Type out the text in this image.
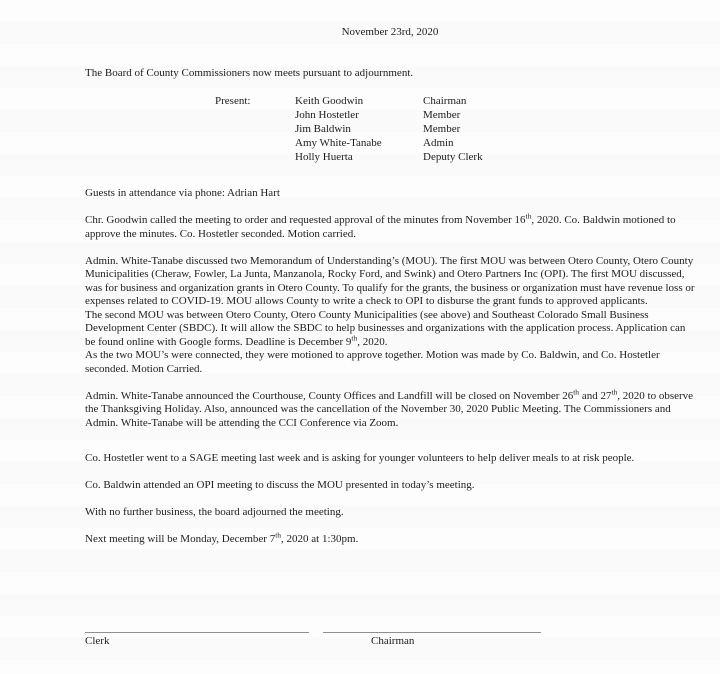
November 23rd, 2020
The Board of County Commissioners now meets pursuant to adjournment.
Present:	Keith Goodwin	Chairman
John Hostetler	Member
Jim Baldwin	Member
Amy White-Tanabe	Admin
Holly Huerta	Deputy Clerk
Guests in attendance via phone: Adrian Hart
Chr. Goodwin called the meeting to order and requested approval of the minutes from November 16th, 2020. Co. Baldwin motioned to approve the minutes. Co. Hostetler seconded. Motion carried.
Admin. White-Tanabe discussed two Memorandum of Understanding’s (MOU). The first MOU was between Otero County, Otero County Municipalities (Cheraw, Fowler, La Junta, Manzanola, Rocky Ford, and Swink) and Otero Partners Inc (OPI). The first MOU discussed, was for business and organization grants in Otero County. To qualify for the grants, the business or organization must have revenue loss or expenses related to COVID-19. MOU allows County to write a check to OPI to disburse the grant funds to approved applicants.
The second MOU was between Otero County, Otero County Municipalities (see above) and Southeast Colorado Small Business Development Center (SBDC). It will allow the SBDC to help businesses and organizations with the application process. Application can be found online with Google forms. Deadline is December 9th, 2020.
As the two MOU’s were connected, they were motioned to approve together. Motion was made by Co. Baldwin, and Co. Hostetler seconded. Motion Carried.
Admin. White-Tanabe announced the Courthouse, County Offices and Landfill will be closed on November 26th and 27th, 2020 to observe the Thanksgiving Holiday. Also, announced was the cancellation of the November 30, 2020 Public Meeting. The Commissioners and Admin. White-Tanabe will be attending the CCI Conference via Zoom.
Co. Hostetler went to a SAGE meeting last week and is asking for younger volunteers to help deliver meals to at risk people.
Co. Baldwin attended an OPI meeting to discuss the MOU presented in today’s meeting.
With no further business, the board adjourned the meeting.
Next meeting will be Monday, December 7th, 2020 at 1:30pm.
Clerk	Chairman
